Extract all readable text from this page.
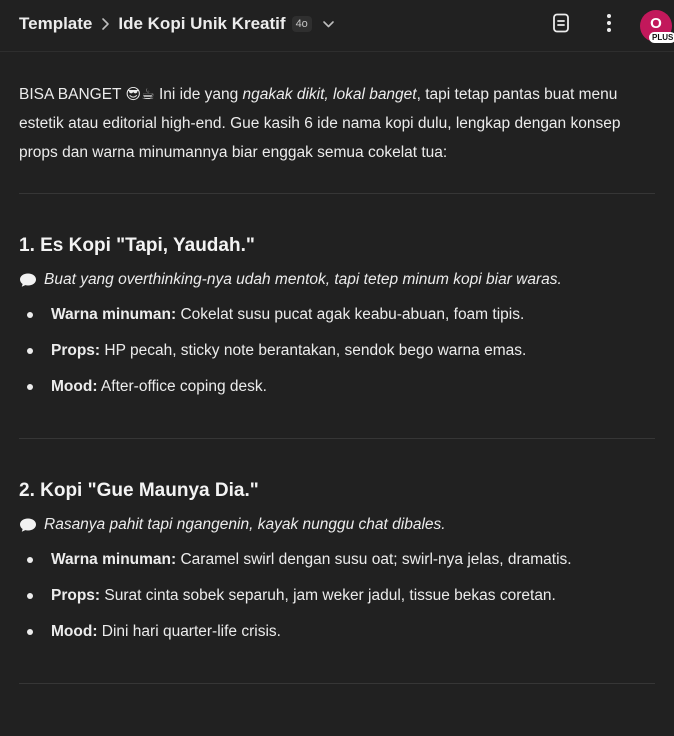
Template Ide Kopi Unik Kreatif 4o	O
PLUS

BISA BANGET 😎☕ Ini ide yang ngakak dikit, lokal banget, tapi tetap pantas buat menu estetik atau editorial high-end. Gue kasih 6 ide nama kopi dulu, lengkap dengan konsep props dan warna minumannya biar enggak semua cokelat tua:

1. Es Kopi "Tapi, Yaudah."

Buat yang overthinking-nya udah mentok, tapi tetep minum kopi biar waras.

Warna minuman: Cokelat susu pucat agak keabu-abuan, foam tipis.
Props: HP pecah, sticky note berantakan, sendok bego warna emas.
Mood: After-office coping desk.
2. Kopi "Gue Maunya Dia."

Rasanya pahit tapi ngangenin, kayak nunggu chat dibales.

Warna minuman: Caramel swirl dengan susu oat; swirl-nya jelas, dramatis.
Props: Surat cinta sobek separuh, jam weker jadul, tissue bekas coretan.
Mood: Dini hari quarter-life crisis.
